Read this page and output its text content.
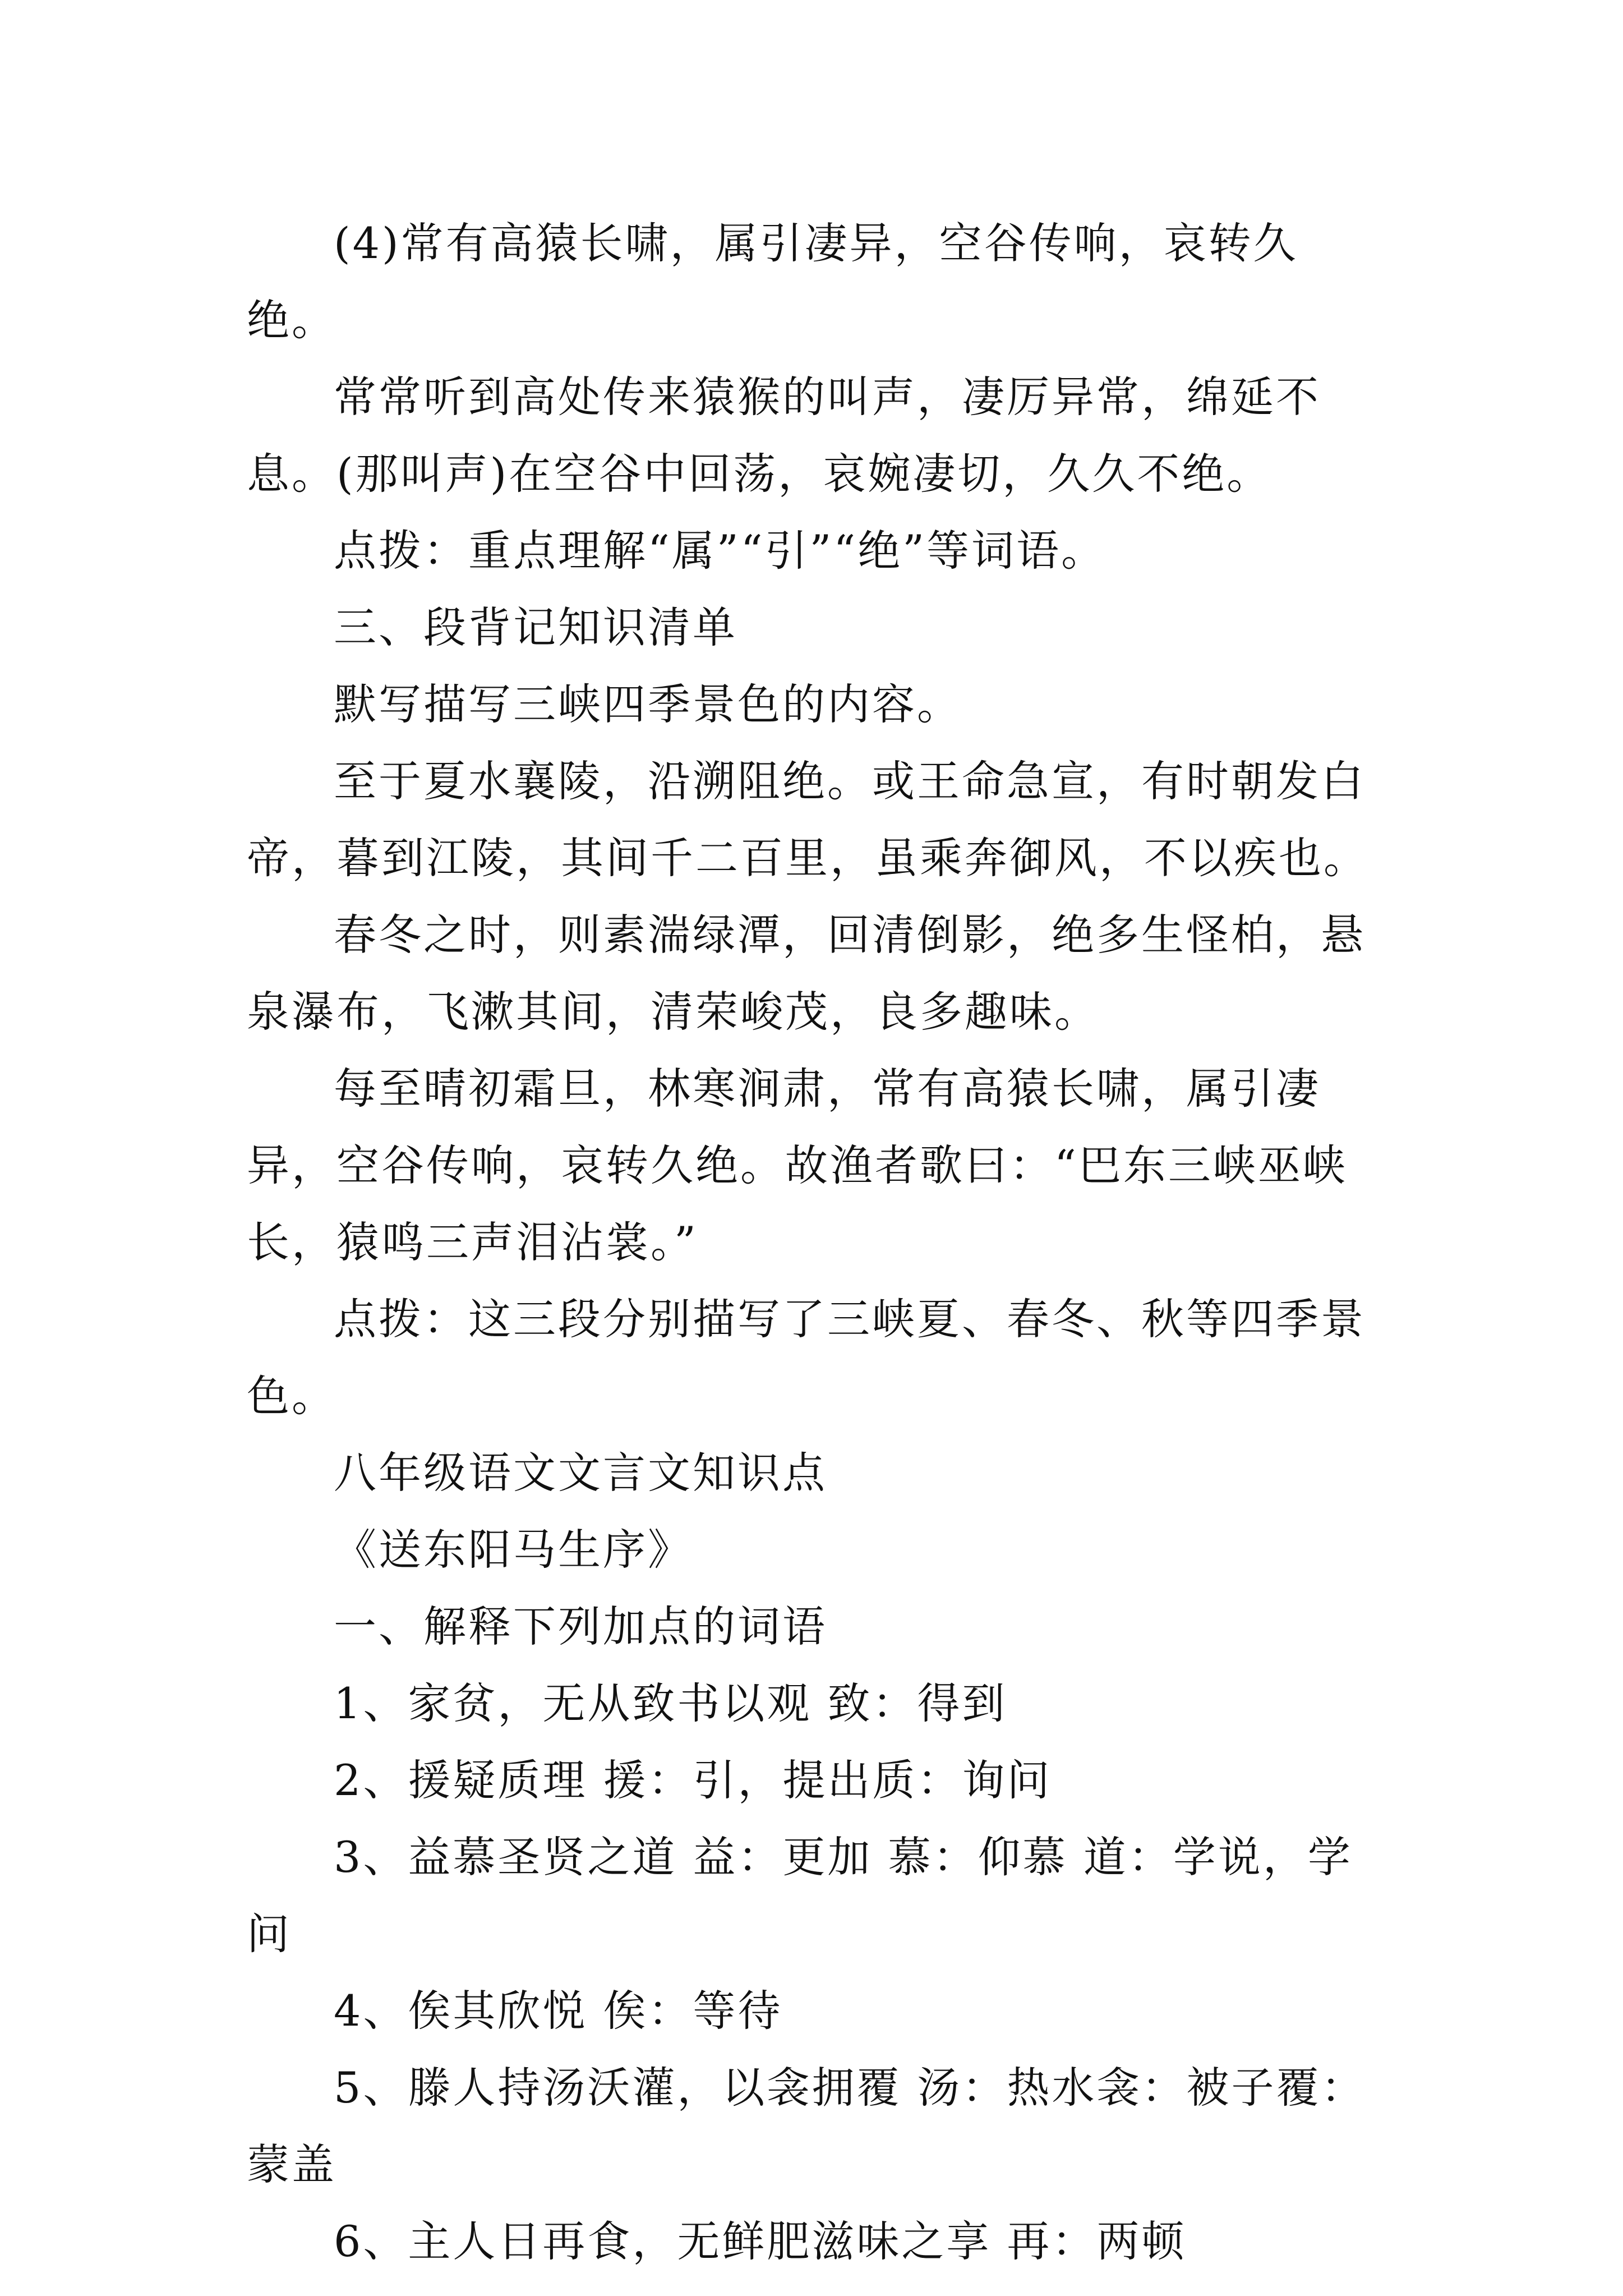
(4)常有高猿长啸，属引凄异，空谷传响，哀转久绝。

常常听到高处传来猿猴的叫声，凄厉异常，绵延不息。(那叫声)在空谷中回荡，哀婉凄切，久久不绝。

点拨：重点理解“属”“引”“绝”等词语。

三、段背记知识清单

默写描写三峡四季景色的内容。

至于夏水襄陵，沿溯阻绝。或王命急宣，有时朝发白帝，暮到江陵，其间千二百里，虽乘奔御风，不以疾也。

春冬之时，则素湍绿潭，回清倒影，绝多生怪柏，悬泉瀑布，飞漱其间，清荣峻茂，良多趣味。

每至晴初霜旦，林寒涧肃，常有高猿长啸，属引凄异，空谷传响，哀转久绝。故渔者歌曰：“巴东三峡巫峡长，猿鸣三声泪沾裳。”

点拨：这三段分别描写了三峡夏、春冬、秋等四季景色。

八年级语文文言文知识点

《送东阳马生序》

一、解释下列加点的词语

1、家贫，无从致书以观 致：得到

2、援疑质理 援：引，提出质：询问

3、益慕圣贤之道 益：更加 慕：仰慕 道：学说，学问

4、俟其欣悦 俟：等待

5、滕人持汤沃灌，以衾拥覆 汤：热水衾：被子覆：蒙盖

6、主人日再食，无鲜肥滋味之享 再：两顿
